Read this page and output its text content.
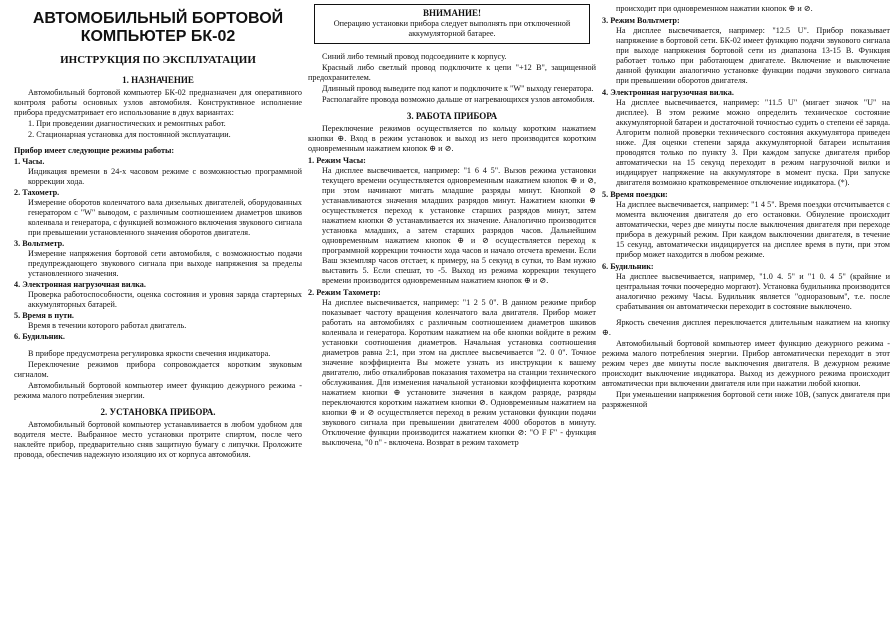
АВТОМОБИЛЬНЫЙ БОРТОВОЙ
КОМПЬЮТЕР БК-02
ИНСТРУКЦИЯ ПО ЭКСПЛУАТАЦИИ
1. НАЗНАЧЕНИЕ

Автомобильный бортовой компьютер БК-02 предназначен для оперативного контроля работы основных узлов автомобиля. Конструктивное исполнение прибора предусматривает его использование в двух вариантах:

1. При проведении диагностических и ремонтных работ.

2. Стационарная установка для постоянной эксплуатации.

Прибор имеет следующие режимы работы:
1. Часы.
Индикация времени в 24-х часовом режиме с возможностью программной коррекции хода.
2. Тахометр.
Измерение оборотов коленчатого вала дизельных двигателей, оборудованных генератором с "W" выводом, с различным соотношением диаметров шкивов коленвала и генератора, с функцией возможного включения звукового сигнала при превышении установленного значения оборотов двигателя.
3. Вольтметр.
Измерение напряжения бортовой сети автомобиля, с возможностью подачи предупреждающего звукового сигнала при выходе напряжения за пределы установленного значения.
4. Электронная нагрузочная вилка.
Проверка работоспособности, оценка состояния и уровня заряда стартерных аккумуляторных батарей.
5. Время в пути.
Время в течении которого работал двигатель.
6. Будильник.

В приборе предусмотрена регулировка яркости свечения индикатора.

Переключение режимов прибора сопровождается коротким звуковым сигналом.

Автомобильный бортовой компьютер имеет функцию дежурного режима - режима малого потребления энергии.

2. УСТАНОВКА ПРИБОРА.

Автомобильный бортовой компьютер устанавливается в любом удобном для водителя месте. Выбранное место установки протрите спиртом, после чего наклейте прибор, предварительно сняв защитную бумагу с липучки. Проложите провода, обеспечив надежную изоляцию их от корпуса автомобиля.

ВНИМАНИЕ!
Операцию установки прибора следует выполнять при отключенной аккумуляторной батарее.

Синий либо темный провод подсоедините к корпусу.

Красный либо светлый провод подключите к цепи "+12 В", защищенной предохранителем.

Длинный провод выведите под капот и подключите к "W" выходу генератора.

Располагайте провода возможно дальше от нагревающихся узлов автомобиля.

3. РАБОТА ПРИБОРА

Переключение режимов осуществляется по кольцу коротким нажатием кнопки ⊕. Вход в режим установок и выход из него производится коротким одновременным нажатием кнопок ⊕ и ⊘.

1. Режим Часы:
На дисплее высвечивается, например: "1 6 4 5". Вызов режима установки текущего времени осуществляется одновременным нажатием кнопок ⊕ и ⊘, при этом начинают мигать младшие разряды минут. Кнопкой ⊘ устанавливаются значения младших разрядов минут. Нажатием кнопки ⊕ осуществляется переход к установке старших разрядов минут, затем нажатием кнопки ⊘ устанавливается их значение. Аналогично производится установка младших, а затем старших разрядов часов. Дальнейшим одновременным нажатием кнопок ⊕ и ⊘ осуществляется переход к программной коррекции точности хода часов и начало отсчета времени. Если Ваш экземпляр часов отстает, к примеру, на 5 секунд в сутки, то Вам нужно выставить 5. Если спешат, то -5. Выход из режима коррекции текущего времени производится одновременным нажатием кнопок ⊕ и ⊘.
2. Режим Тахометр:
На дисплее высвечивается, например: "1 2 5 0". В данном режиме прибор показывает частоту вращения коленчатого вала двигателя. Прибор может работать на автомобилях с различным соотношением диаметров шкивов коленвала и генератора. Коротким нажатием на обе кнопки войдите в режим установки соотношения диаметров. Начальная установка соотношения диаметров равна 2:1, при этом на дисплее высвечивается "2. 0 0". Точное значение коэффициента Вы можете узнать из инструкции к вашему двигателю, либо откалибровав показания тахометра на станции технического обслуживания. Для изменения начальной установки коэффициента коротким нажатием кнопки ⊕ установите значения в каждом разряде, разряды переключаются коротким нажатием кнопки ⊘. Одновременным нажатием на кнопки ⊕ и ⊘ осуществляется переход в режим установки функции подачи звукового сигнала при превышении двигателем 4000 оборотов в минуту. Отключение функции производится нажатием кнопки ⊘: "О F F" - функция выключена, "0 n" - включена. Возврат в режим тахометр
происходит при одновременном нажатии кнопок ⊕ и ⊘.
3. Режим Вольтметр:
На дисплее высвечивается, например: "12.5 U". Прибор показывает напряжение в бортовой сети. БК-02 имеет функцию подачи звукового сигнала при выходе напряжения бортовой сети из диапазона 13-15 В. Функция работает только при работающем двигателе. Включение и выключение данной функции аналогично установке функции подачи звукового сигнала при превышении оборотов двигателя.
4. Электронная нагрузочная вилка.
На дисплее высвечивается, например: "11.5 U" (мигает значок "U" на дисплее). В этом режиме можно определить техническое состояние аккумуляторной батареи и достаточной точностью судить о степени её заряда. Алгоритм полной проверки технического состояния аккумулятора приведен ниже. Для оценки степени заряда аккумуляторной батареи испытания проводятся только по пункту 3. При каждом запуске двигателя прибор автоматически на 15 секунд переходит в режим нагрузочной вилки и индицирует напряжение на аккумуляторе в момент пуска. При запуске двигателя возможно кратковременное отключение индикатора. (*).
5. Время поездки:
На дисплее высвечивается, например: "1 4 5". Время поездки отсчитывается с момента включения двигателя до его остановки. Обнуление происходит автоматически, через две минуты после выключения двигателя при переходе прибора в дежурный режим. При каждом выключении двигателя, в течение 15 секунд, автоматически индицируется на дисплее время в пути, при этом прибор может находится в любом режиме.
6. Будильник:
На дисплее высвечивается, например, "1.0 4. 5" и "1 0. 4 5" (крайние и центральная точки поочередно моргают). Установка будильника производится аналогично режиму Часы. Будильник является "одноразовым", т.е. после срабатывания он автоматически переходит в состояние выключено.

Яркость свечения дисплея переключается длительным нажатием на кнопку ⊕.

Автомобильный бортовой компьютер имеет функцию дежурного режима - режима малого потребления энергии. Прибор автоматически переходит в этот режим через две минуты после выключения двигателя. В дежурном режиме происходит выключение индикатора. Выход из дежурного режима происходит автоматически при включении двигателя или при нажатии любой кнопки.

При уменьшении напряжения бортовой сети ниже 10В, (запуск двигателя при разряженной
